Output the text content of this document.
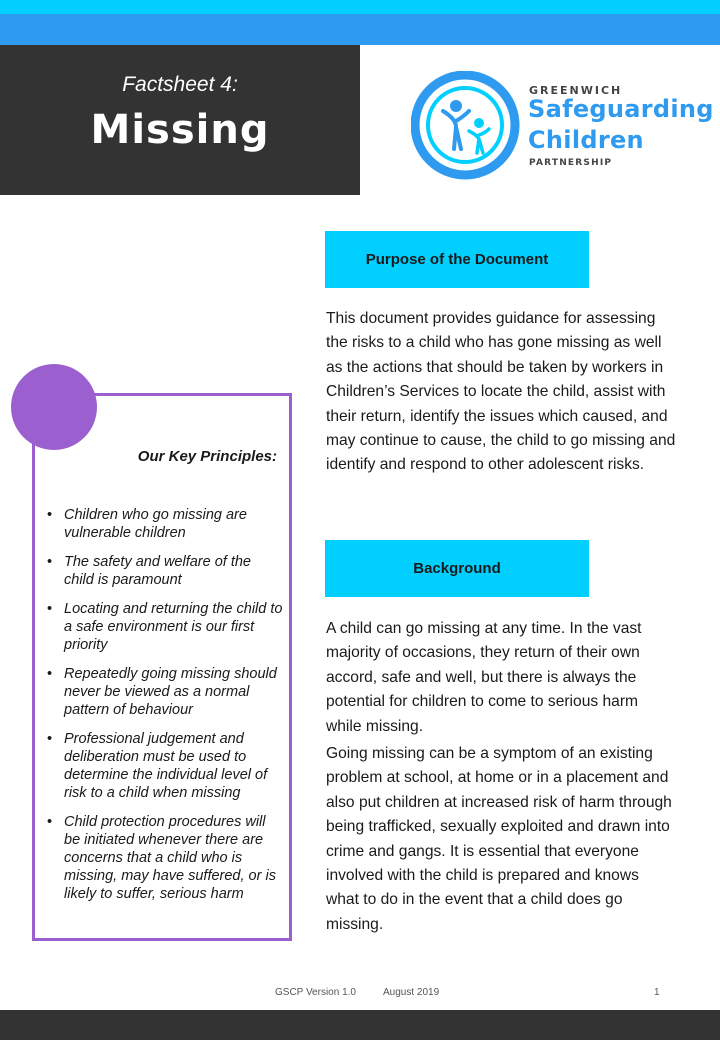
Factsheet 4:
Missing
GREENWICH
Safeguarding
Children
PARTNERSHIP
Purpose of the Document

This document provides guidance for assessing the risks to a child who has gone missing as well as the actions that should be taken by workers in Children’s Services to locate the child, assist with their return, identify the issues which caused, and may continue to cause, the child to go missing and identify and respond to other adolescent risks.

Background

A child can go missing at any time. In the vast majority of occasions, they return of their own accord, safe and well, but there is always the potential for children to come to serious harm while missing.

Going missing can be a symptom of an existing problem at school, at home or in a placement and also put children at increased risk of harm through being trafficked, sexually exploited and drawn into crime and gangs. It is essential that everyone involved with the child is prepared and knows what to do in the event that a child does go missing.

Our Key Principles:
• Children who go missing are vulnerable children
• The safety and welfare of the child is paramount
• Locating and returning the child to a safe environment is our first priority
• Repeatedly going missing should never be viewed as a normal pattern of behaviour
• Professional judgement and deliberation must be used to determine the individual level of risk to a child when missing
• Child protection procedures will be initiated whenever there are concerns that a child who is missing, may have suffered, or is likely to suffer, serious harm
GSCP Version 1.0	August 2019	1
